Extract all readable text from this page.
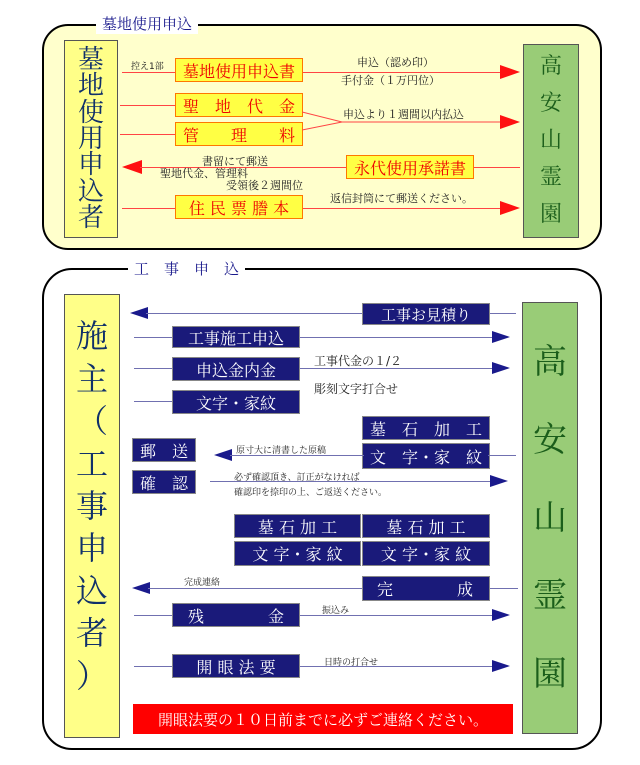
墓地使用申込
墓
地
使
用
申
込
者
高
安
山
霊
園
控え1部	墓地使用申込書	申込（認め印）
手付金（１万円位）
聖　地　代　金
管　　理　　料
申込より１週間以内払込
書留にて郵送
聖地代金、管理料
受領後２週間位
永代使用承諾書
住 民 票 謄 本	返信封筒にて郵送ください。
工　事　申　込
施
主
（
工
事
申
込
者
）
高
安
山
霊
園
工事お見積り
工事施工申込
申込金内金	工事代金の１/２
文字・家紋
彫刻文字打合せ
墓　石　加　工
文　字・家　紋
郵　送	原寸大に清書した原稿
確　認	必ず確認頂き、訂正がなければ
確認印を捺印の上、ご返送ください。
墓 石 加 工	墓 石 加 工
文 字・家 紋	文 字・家 紋
完成連絡	完　　　　成
残　　　　金	振込み
開 眼 法 要	日時の打合せ
開眼法要の１０日前までに必ずご連絡ください。
